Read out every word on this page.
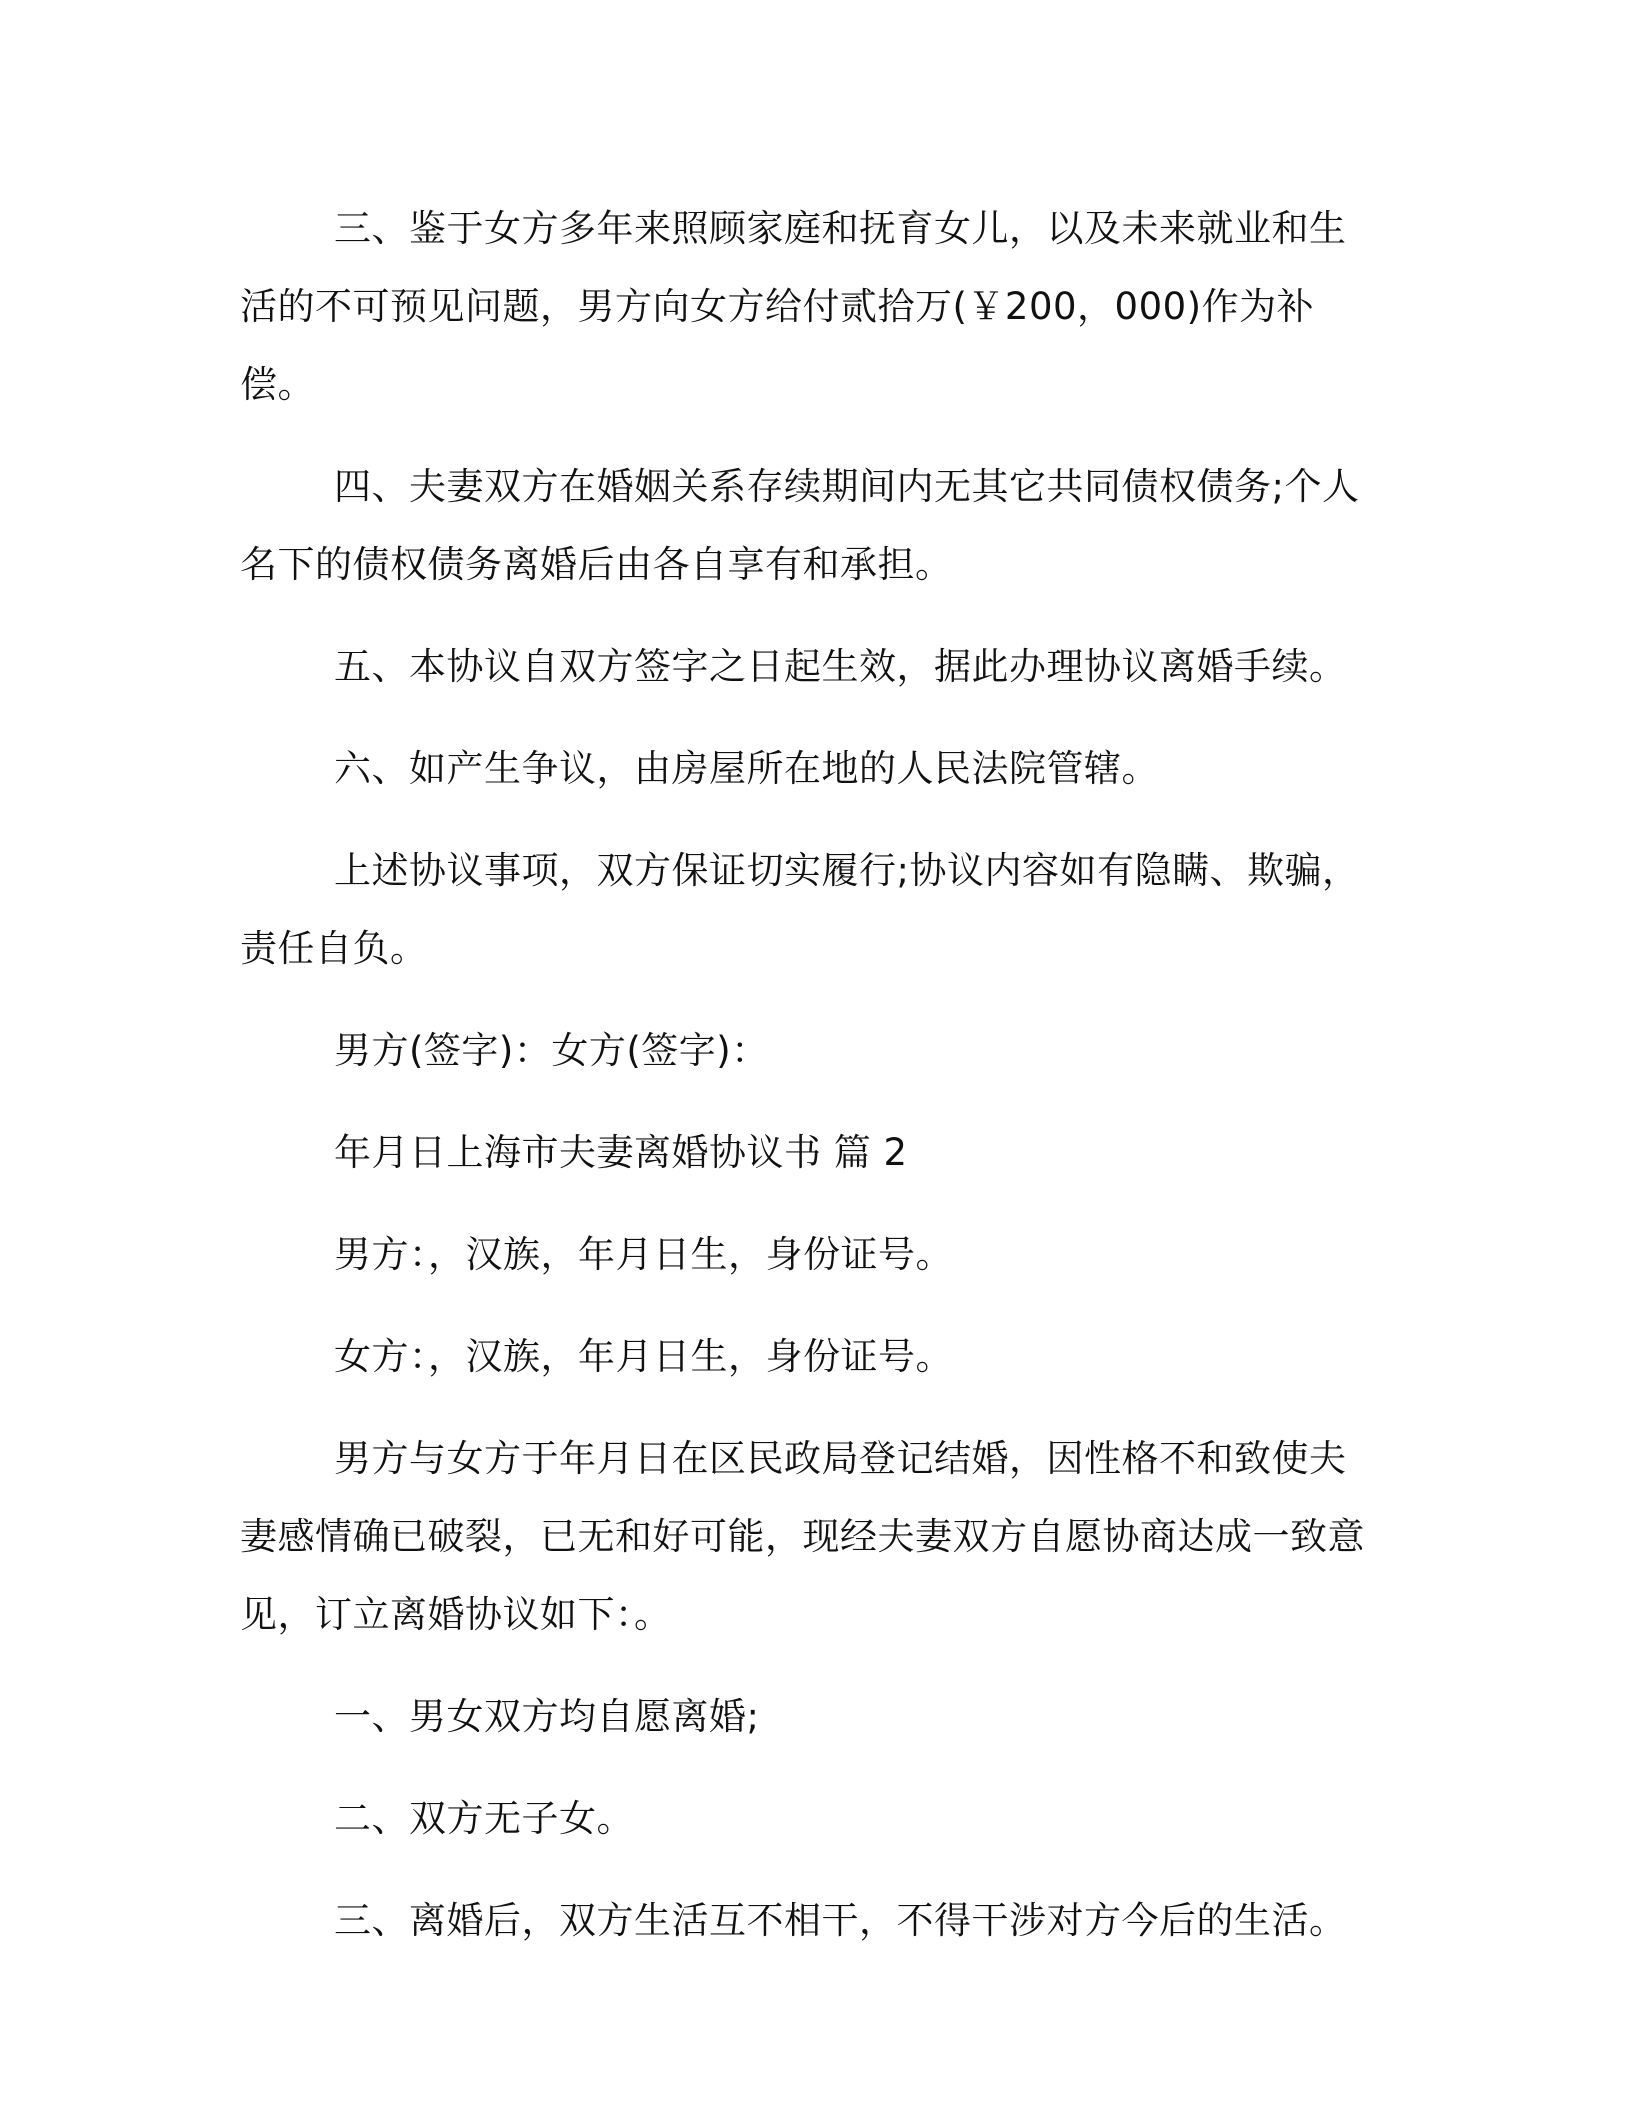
三、鉴于女方多年来照顾家庭和抚育女儿，以及未来就业和生活的不可预见问题，男方向女方给付贰拾万(￥200，000)作为补偿。

四、夫妻双方在婚姻关系存续期间内无其它共同债权债务;个人名下的债权债务离婚后由各自享有和承担。

五、本协议自双方签字之日起生效，据此办理协议离婚手续。

六、如产生争议，由房屋所在地的人民法院管辖。

上述协议事项，双方保证切实履行;协议内容如有隐瞒、欺骗，责任自负。

男方(签字)：女方(签字)：

年月日上海市夫妻离婚协议书 篇 2

男方：，汉族，年月日生，身份证号。

女方：，汉族，年月日生，身份证号。

男方与女方于年月日在区民政局登记结婚，因性格不和致使夫妻感情确已破裂，已无和好可能，现经夫妻双方自愿协商达成一致意见，订立离婚协议如下：。

一、男女双方均自愿离婚;

二、双方无子女。

三、离婚后，双方生活互不相干，不得干涉对方今后的生活。
